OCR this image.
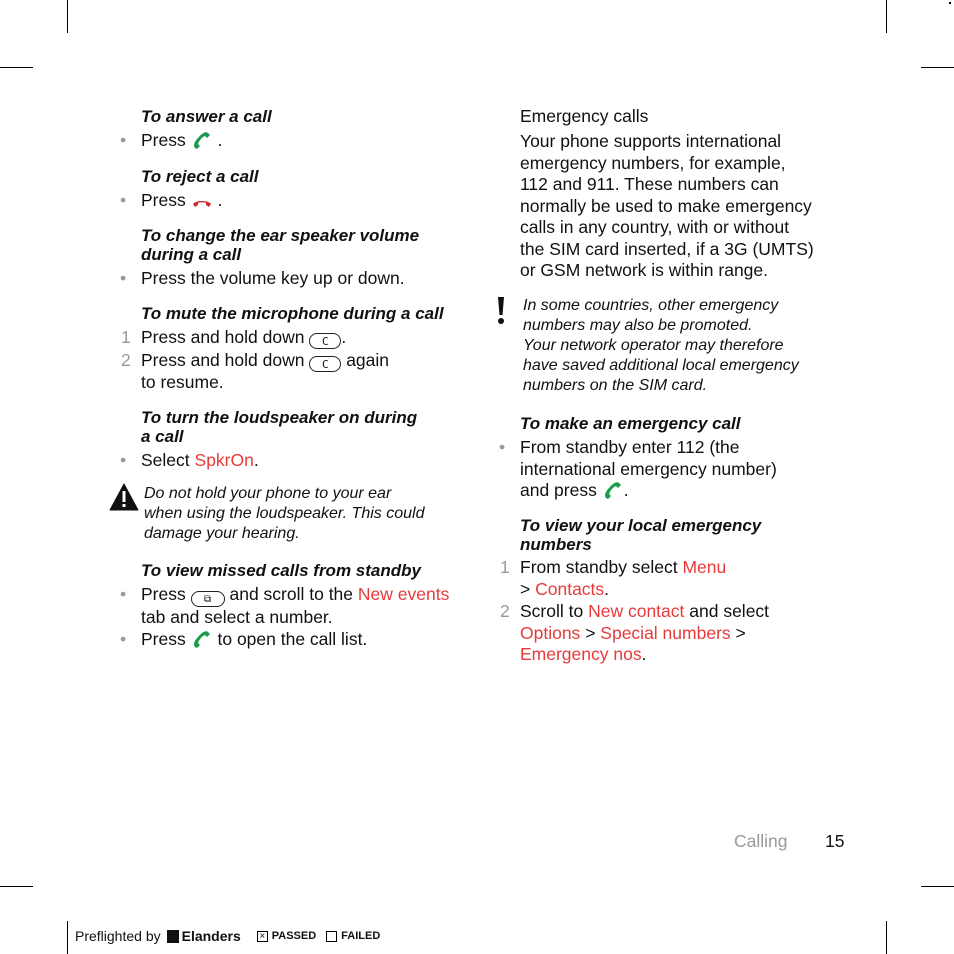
To answer a call

• Press .

To reject a call

• Press .

To change the ear speaker volume
during a call

• Press the volume key up or down.

To mute the microphone during a call

1 Press and hold down C .

2 Press and hold down C again
to resume.

To turn the loudspeaker on during
a call

• Select SpkrOn.

Do not hold your phone to your ear
when using the loudspeaker. This could
damage your hearing.

To view missed calls from standby

• Press ⧉ and scroll to the New events
tab and select a number.

• Press to open the call list.

Emergency calls

Your phone supports international
emergency numbers, for example,
112 and 911. These numbers can
normally be used to make emergency
calls in any country, with or without
the SIM card inserted, if a 3G (UMTS)
or GSM network is within range.

In some countries, other emergency
numbers may also be promoted.
Your network operator may therefore
have saved additional local emergency
numbers on the SIM card.

To make an emergency call

• From standby enter 112 (the
international emergency number)
and press .

To view your local emergency
numbers

1 From standby select Menu
> Contacts.

2 Scroll to New contact and select
Options > Special numbers >
Emergency nos.

Calling 15
Preflighted by Elanders × PASSED FAILED
